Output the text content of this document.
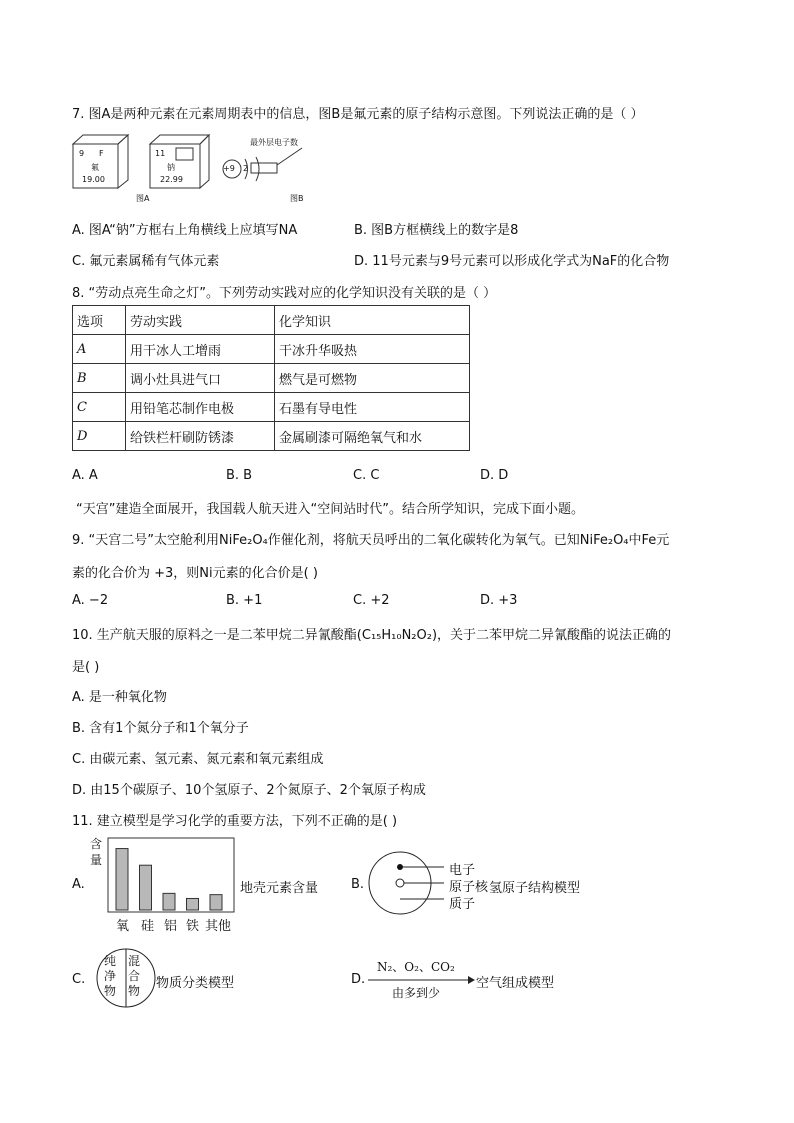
7. 图A是两种元素在元素周期表中的信息，图B是氟元素的原子结构示意图。下列说法正确的是（ ）
9 F
氟
19.00
11
钠
22.99
图A
+9 2
最外层电子数
图B
A. 图A“钠”方框右上角横线上应填写NA	B. 图B方框横线上的数字是8
C. 氟元素属稀有气体元素	D. 11号元素与9号元素可以形成化学式为NaF的化合物
8. “劳动点亮生命之灯”。下列劳动实践对应的化学知识没有关联的是（ ）
选项	劳动实践	化学知识
A	用干冰人工增雨	干冰升华吸热
B	调小灶具进气口	燃气是可燃物
C	用铅笔芯制作电极	石墨有导电性
D	给铁栏杆刷防锈漆	金属刷漆可隔绝氧气和水
A. A	B. B	C. C	D. D
“天宫”建造全面展开，我国载人航天进入“空间站时代”。结合所学知识，完成下面小题。
9. “天宫二号”太空舱利用NiFe₂O₄作催化剂，将航天员呼出的二氧化碳转化为氧气。已知NiFe₂O₄中Fe元
素的化合价为 +3，则Ni元素的化合价是( )
A. −2	B. +1	C. +2	D. +3
10. 生产航天服的原料之一是二苯甲烷二异氰酸酯(C₁₅H₁₀N₂O₂)，关于二苯甲烷二异氰酸酯的说法正确的
是( )
A. 是一种氧化物
B. 含有1个氮分子和1个氧分子
C. 由碳元素、氢元素、氮元素和氧元素组成
D. 由15个碳原子、10个氢原子、2个氮原子、2个氧原子构成
11. 建立模型是学习化学的重要方法，下列不正确的是( )
A.
含量
氧 硅 铝 铁 其他
地壳元素含量	B.
电子
原子核 氢原子结构模型
质子
C.
纯净物
混合物 物质分类模型	D.
N₂、O₂、CO₂
由多到少
空气组成模型
